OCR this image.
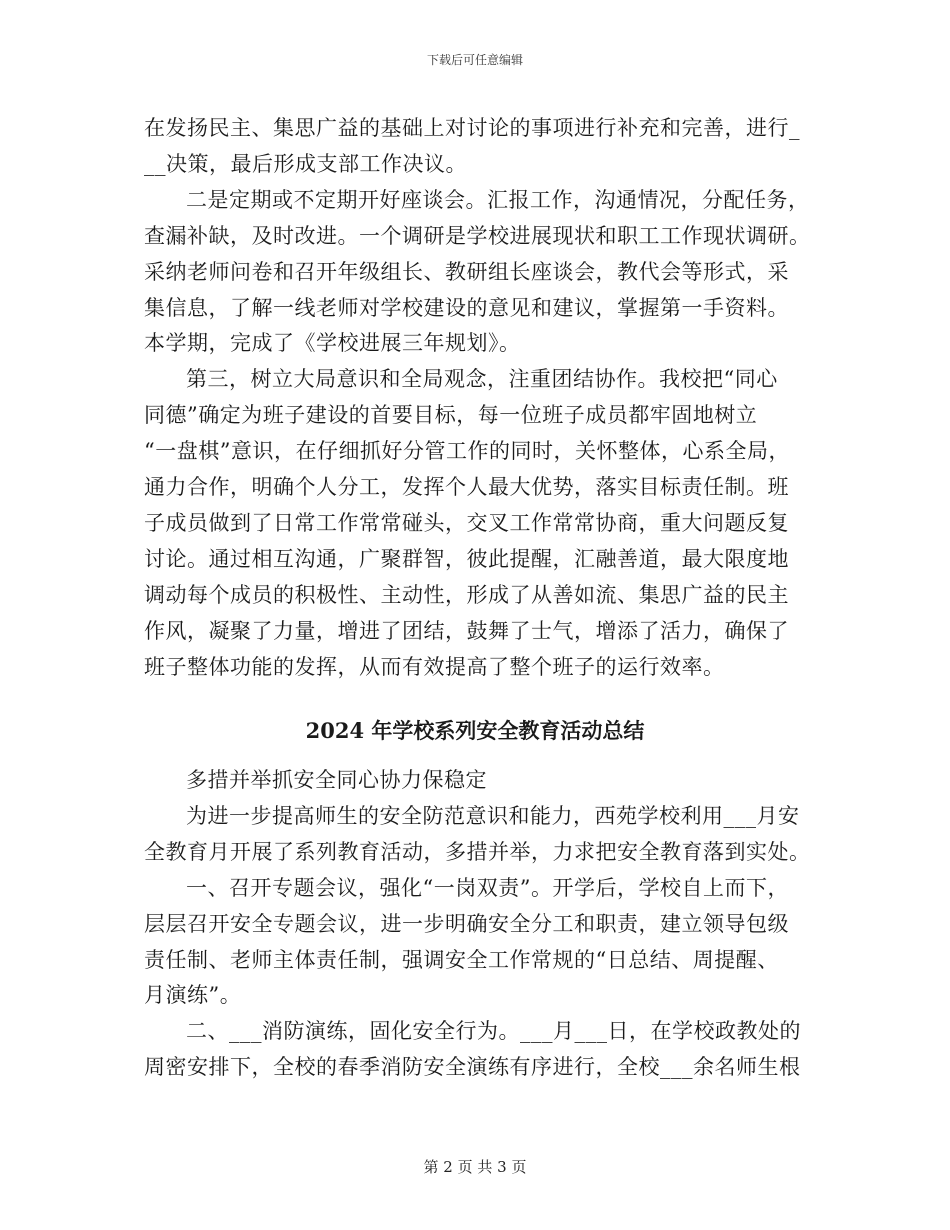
下载后可任意编辑
在发扬民主、集思广益的基础上对讨论的事项进行补充和完善，进行_
__决策，最后形成支部工作决议。
二是定期或不定期开好座谈会。汇报工作，沟通情况，分配任务，
查漏补缺，及时改进。一个调研是学校进展现状和职工工作现状调研。
采纳老师问卷和召开年级组长、教研组长座谈会，教代会等形式，采
集信息，了解一线老师对学校建设的意见和建议，掌握第一手资料。
本学期，完成了《学校进展三年规划》。
第三，树立大局意识和全局观念，注重团结协作。我校把“同心
同德”确定为班子建设的首要目标，每一位班子成员都牢固地树立
“一盘棋”意识，在仔细抓好分管工作的同时，关怀整体，心系全局，
通力合作，明确个人分工，发挥个人最大优势，落实目标责任制。班
子成员做到了日常工作常常碰头，交叉工作常常协商，重大问题反复
讨论。通过相互沟通，广聚群智，彼此提醒，汇融善道，最大限度地
调动每个成员的积极性、主动性，形成了从善如流、集思广益的民主
作风，凝聚了力量，增进了团结，鼓舞了士气，增添了活力，确保了
班子整体功能的发挥，从而有效提高了整个班子的运行效率。
2024 年学校系列安全教育活动总结
多措并举抓安全同心协力保稳定
为进一步提高师生的安全防范意识和能力，西苑学校利用___月安
全教育月开展了系列教育活动，多措并举，力求把安全教育落到实处。
一、召开专题会议，强化“一岗双责”。开学后，学校自上而下，
层层召开安全专题会议，进一步明确安全分工和职责，建立领导包级
责任制、老师主体责任制，强调安全工作常规的“日总结、周提醒、
月演练”。
二、___消防演练，固化安全行为。___月___日，在学校政教处的
周密安排下，全校的春季消防安全演练有序进行，全校___余名师生根
第 2 页 共 3 页
